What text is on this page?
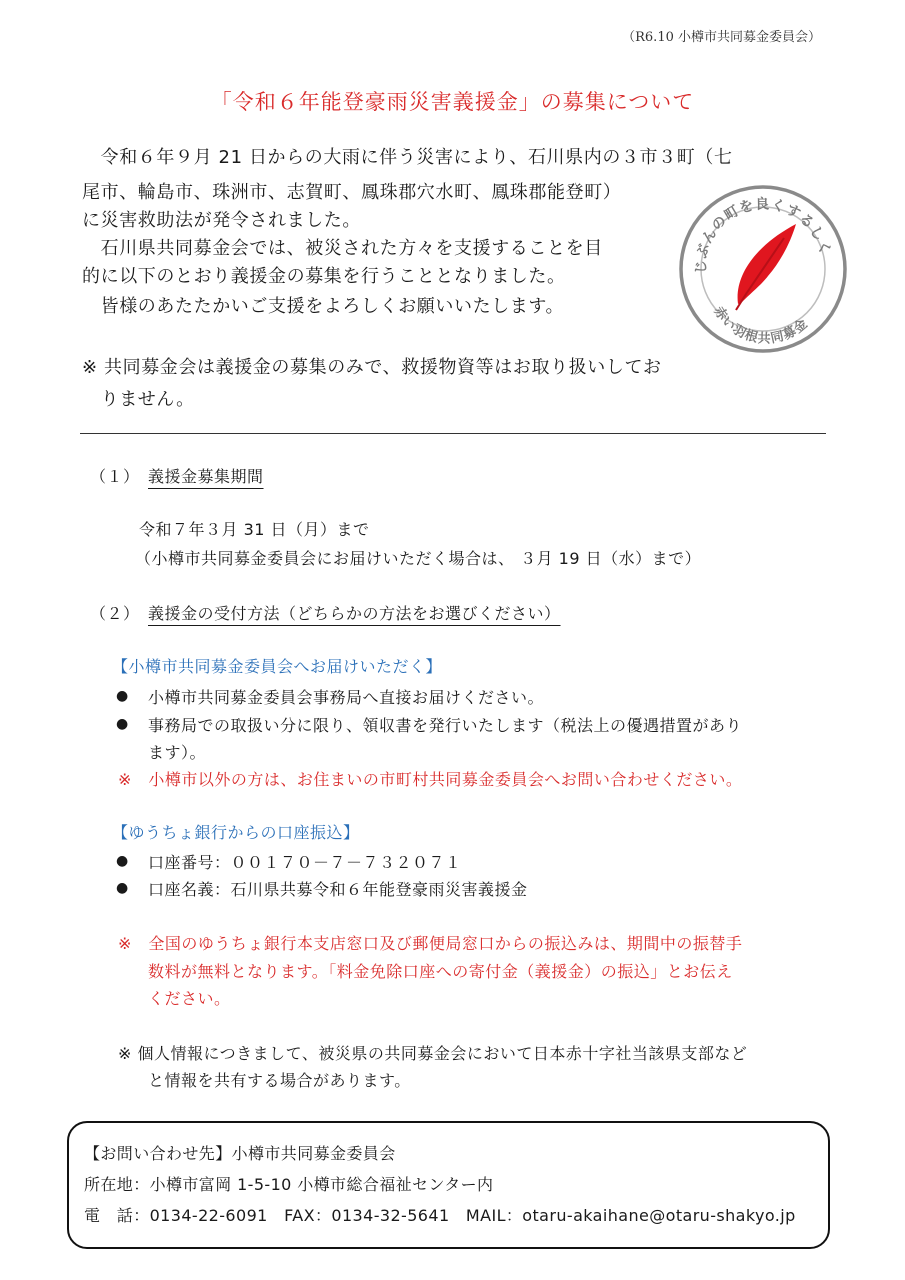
（R6.10 小樽市共同募金委員会）
「令和６年能登豪雨災害義援金」の募集について
　令和６年９月 21 日からの大雨に伴う災害により、石川県内の３市３町（七
尾市、輪島市、珠洲市、志賀町、鳳珠郡穴水町、鳳珠郡能登町）
に災害救助法が発令されました。
　石川県共同募金会では、被災された方々を支援することを目
的に以下のとおり義援金の募集を行うこととなりました。
　皆様のあたたかいご支援をよろしくお願いいたします。
じぶんの町を良くするしく
赤い羽根共同募金
※ 共同募金会は義援金の募集のみで、救援物資等はお取り扱いしてお
　りません。
（１） 義援金募集期間
令和７年３月 31 日（月）まで
（小樽市共同募金委員会にお届けいただく場合は、 ３月 19 日（水）まで）
（２） 義援金の受付方法（どちらかの方法をお選びください）
【小樽市共同募金委員会へお届けいただく】
● 小樽市共同募金委員会事務局へ直接お届けください。
● 事務局での取扱い分に限り、領収書を発行いたします（税法上の優遇措置があり
ます）。
※　小樽市以外の方は、お住まいの市町村共同募金委員会へお問い合わせください。
【ゆうちょ銀行からの口座振込】
● 口座番号：００１７０－７－７３２０７１
● 口座名義：石川県共募令和６年能登豪雨災害義援金
※　全国のゆうちょ銀行本支店窓口及び郵便局窓口からの振込みは、期間中の振替手
数料が無料となります。「料金免除口座への寄付金（義援金）の振込」とお伝え
ください。
※ 個人情報につきまして、被災県の共同募金会において日本赤十字社当該県支部など
と情報を共有する場合があります。
【お問い合わせ先】小樽市共同募金委員会
所在地：小樽市富岡 1-5-10 小樽市総合福祉センター内
電　話：0134-22-6091　FAX：0134-32-5641　MAIL：otaru-akaihane@otaru-shakyo.jp
